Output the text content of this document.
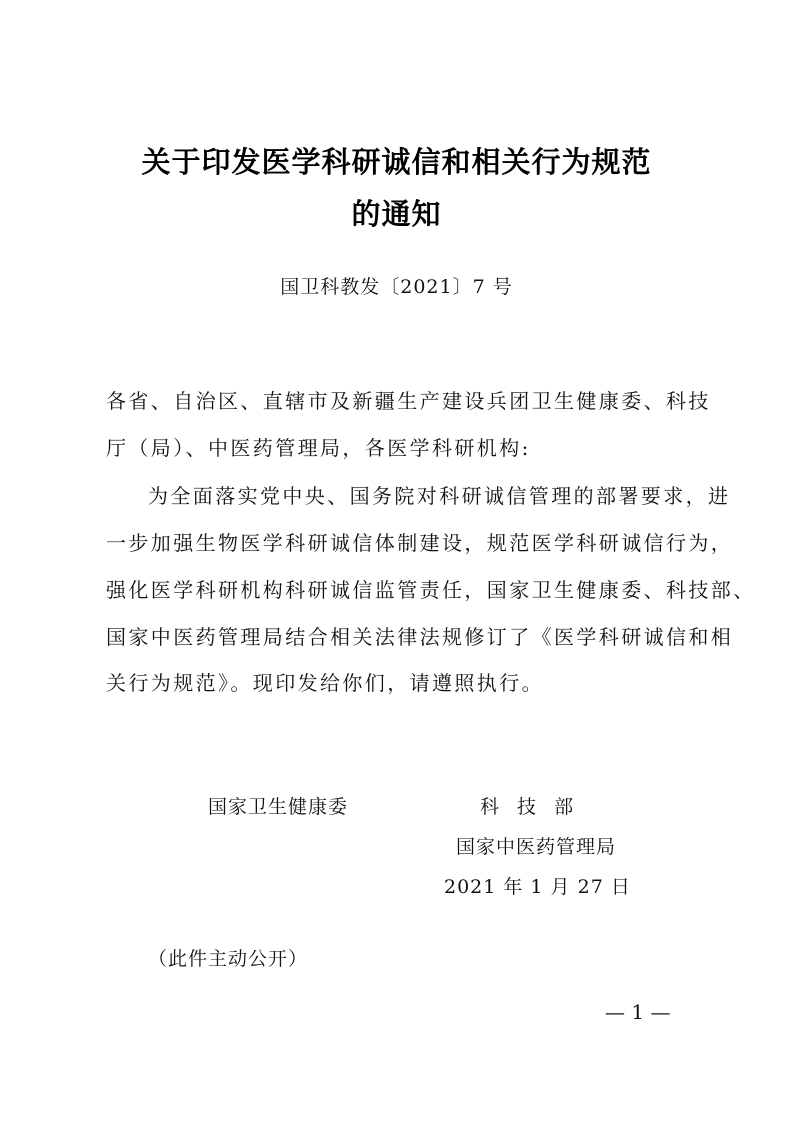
关于印发医学科研诚信和相关行为规范
的通知
国卫科教发〔2021〕7 号
各省、自治区、直辖市及新疆生产建设兵团卫生健康委、科技
厅（局）、中医药管理局，各医学科研机构:
为全面落实党中央、国务院对科研诚信管理的部署要求，进
一步加强生物医学科研诚信体制建设，规范医学科研诚信行为，
强化医学科研机构科研诚信监管责任，国家卫生健康委、科技部、
国家中医药管理局结合相关法律法规修订了《医学科研诚信和相
关行为规范》。现印发给你们，请遵照执行。
国家卫生健康委	科 技 部
国家中医药管理局
2021 年 1 月 27 日
（此件主动公开）
— 1 —
